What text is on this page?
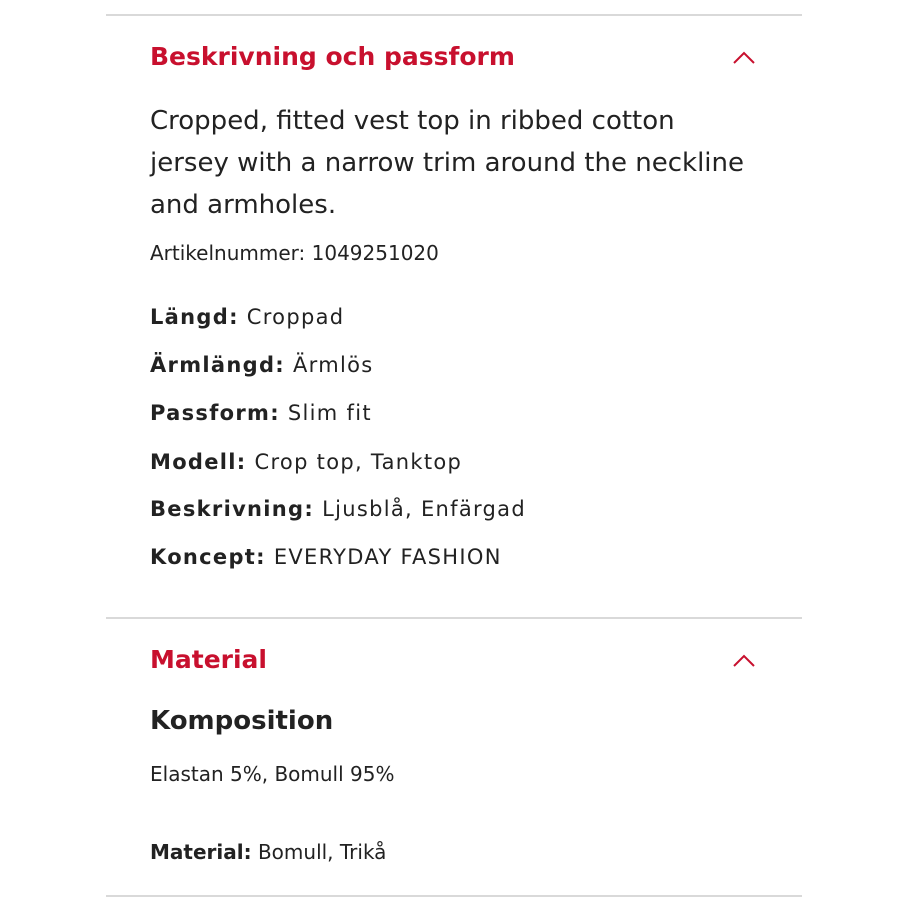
Beskrivning och passform
Cropped, fitted vest top in ribbed cotton jersey with a narrow trim around the neckline and armholes.
Artikelnummer: 1049251020
Längd: Croppad
Ärmlängd: Ärmlös
Passform: Slim fit
Modell: Crop top, Tanktop
Beskrivning: Ljusblå, Enfärgad
Koncept: EVERYDAY FASHION
Material
Komposition
Elastan 5%, Bomull 95%
Material: Bomull, Trikå
